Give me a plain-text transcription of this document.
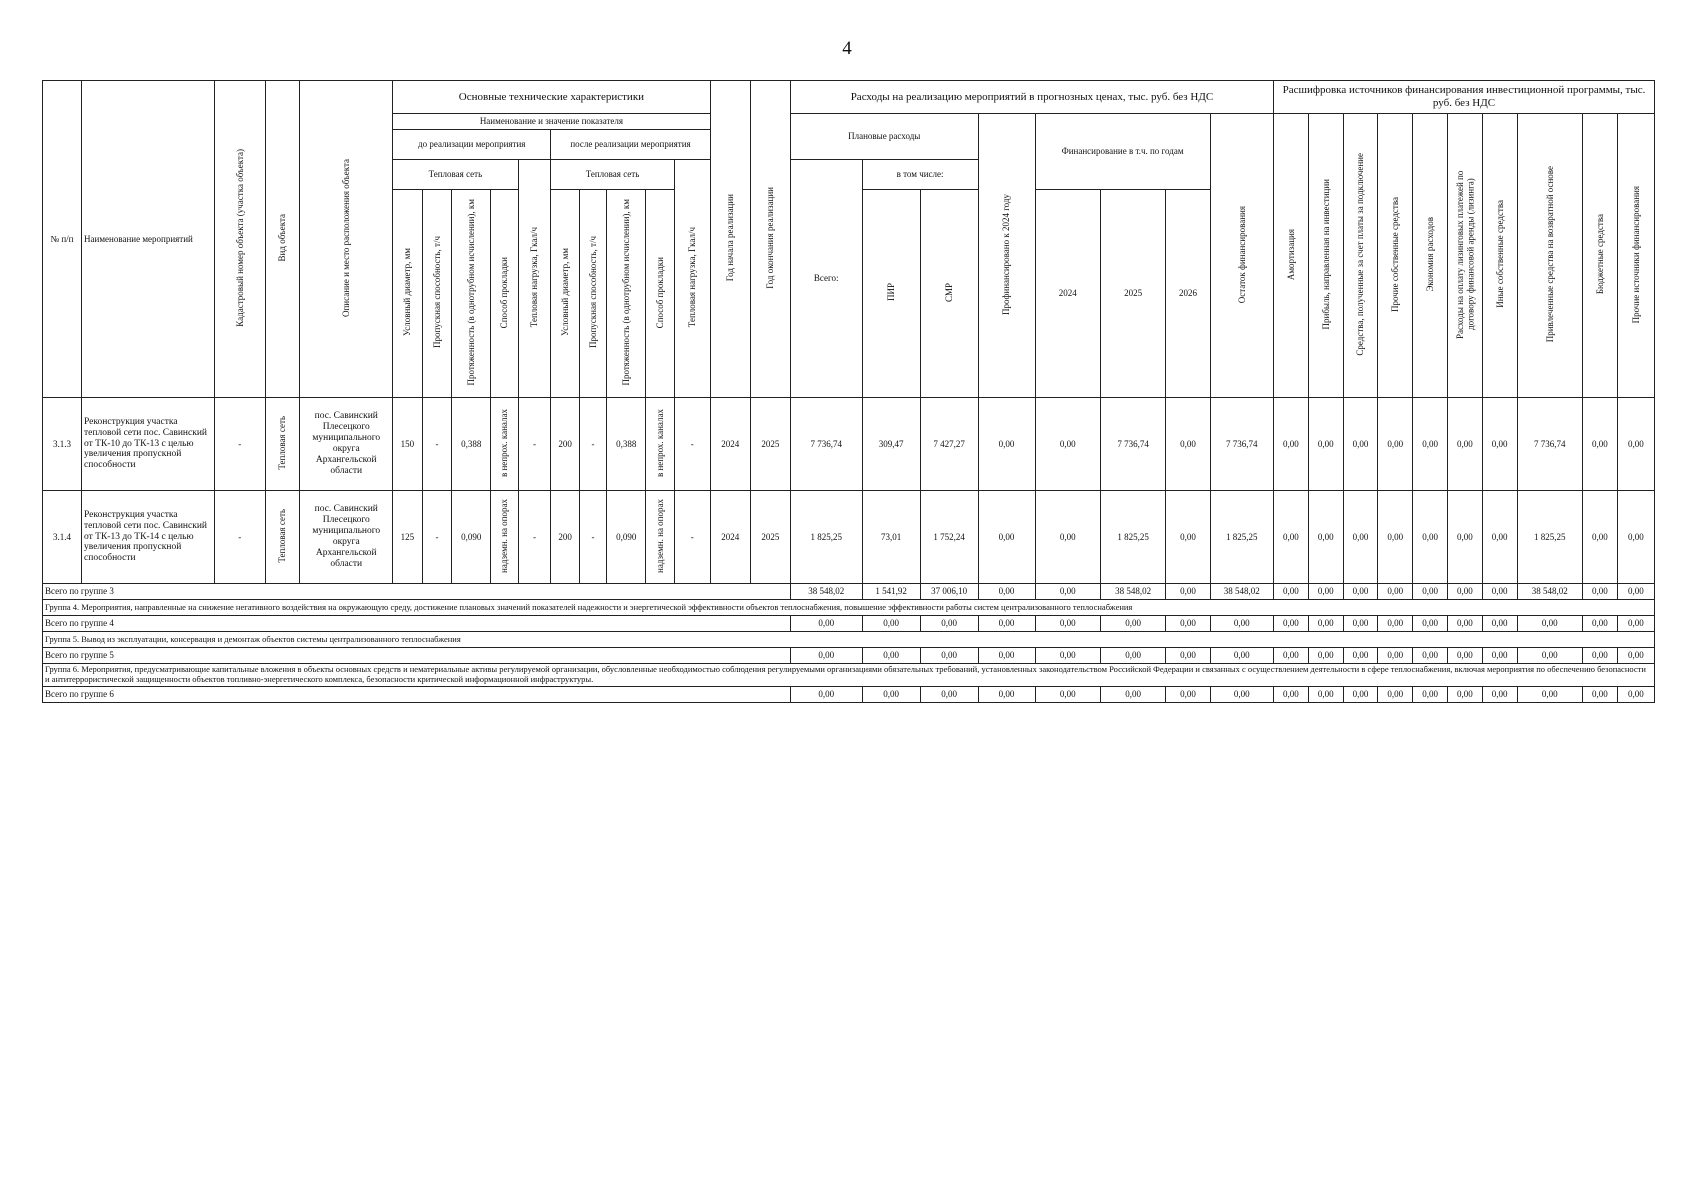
4
№ п/п	Наименование мероприятий	Кадастровый номер объекта (участка объекта)	Вид объекта	Описание и место расположения объекта	Основные технические характеристики										Год начала реализации	Год окончания реализации	Расходы на реализацию мероприятий в прогнозных ценах, тыс. руб. без НДС								Расшифровка источников финансирования инвестиционной программы, тыс. руб. без НДС									
					Наименование и значение показателя												Плановые расходы			Профинансировано к 2024 году	Финансирование в т.ч. по годам			Остаток финансирования	Амортизация	Прибыль, направленная на инвестиции	Средства, полученные за счет платы за подключение	Прочие собственные средства	Экономия расходов	Расходы на оплату лизинговых платежей по договору финансовой аренды (лизинга)	Иные собственные средства	Привлеченные средства на возвратной основе	Бюджетные средства	Прочие источники финансирования
					до реализации мероприятия					после реализации мероприятия																								
					Тепловая сеть				Тепловая нагрузка, Гкал/ч	Тепловая сеть				Тепловая нагрузка, Гкал/ч			Всего:	в том числе:																
					Условный диаметр, мм	Пропускная способность, т/ч	Протяженность (в однотрубном исчислении), км	Способ прокладки		Условный диаметр, мм	Пропускная способность, т/ч	Протяженность (в однотрубном исчислении), км	Способ прокладки					ПИР	СМР		2024	2025	2026											
3.1.3	Реконструкция участка тепловой сети пос. Савинский от ТК-10 до ТК-13 с целью увеличения пропускной способности	-	Тепловая сеть	пос. Савинский Плесецкого муниципального округа Архангельской области	150	-	0,388	в непрох. каналах	-	200	-	0,388	в непрох. каналах	-	2024	2025	7 736,74	309,47	7 427,27	0,00	0,00	7 736,74	0,00	7 736,74	0,00	0,00	0,00	0,00	0,00	0,00	0,00	7 736,74	0,00	0,00
3.1.4	Реконструкция участка тепловой сети пос. Савинский от ТК-13 до ТК-14 с целью увеличения пропускной способности	-	Тепловая сеть	пос. Савинский Плесецкого муниципального округа Архангельской области	125	-	0,090	надземн. на опорах	-	200	-	0,090	надземн. на опорах	-	2024	2025	1 825,25	73,01	1 752,24	0,00	0,00	1 825,25	0,00	1 825,25	0,00	0,00	0,00	0,00	0,00	0,00	0,00	1 825,25	0,00	0,00
Всего по группе 3																	38 548,02	1 541,92	37 006,10	0,00	0,00	38 548,02	0,00	38 548,02	0,00	0,00	0,00	0,00	0,00	0,00	0,00	38 548,02	0,00	0,00
Группа 4. Мероприятия, направленные на снижение негативного воздействия на окружающую среду, достижение плановых значений показателей надежности и энергетической эффективности объектов теплоснабжения, повышение эффективности работы систем централизованного теплоснабжения																																		
Всего по группе 4																	0,00	0,00	0,00	0,00	0,00	0,00	0,00	0,00	0,00	0,00	0,00	0,00	0,00	0,00	0,00	0,00	0,00	0,00
Группа 5. Вывод из эксплуатации, консервация и демонтаж объектов системы централизованного теплоснабжения																																		
Всего по группе 5																	0,00	0,00	0,00	0,00	0,00	0,00	0,00	0,00	0,00	0,00	0,00	0,00	0,00	0,00	0,00	0,00	0,00	0,00
Группа 6. Мероприятия, предусматривающие капитальные вложения в объекты основных средств и нематериальные активы регулируемой организации, обусловленные необходимостью соблюдения регулируемыми организациями обязательных требований, установленных законодательством Российской Федерации и связанных с осуществлением деятельности в сфере теплоснабжения, включая мероприятия по обеспечению безопасности и антитеррористической защищенности объектов топливно-энергетического комплекса, безопасности критической информационной инфраструктуры.																																		
Всего по группе 6																	0,00	0,00	0,00	0,00	0,00	0,00	0,00	0,00	0,00	0,00	0,00	0,00	0,00	0,00	0,00	0,00	0,00	0,00
